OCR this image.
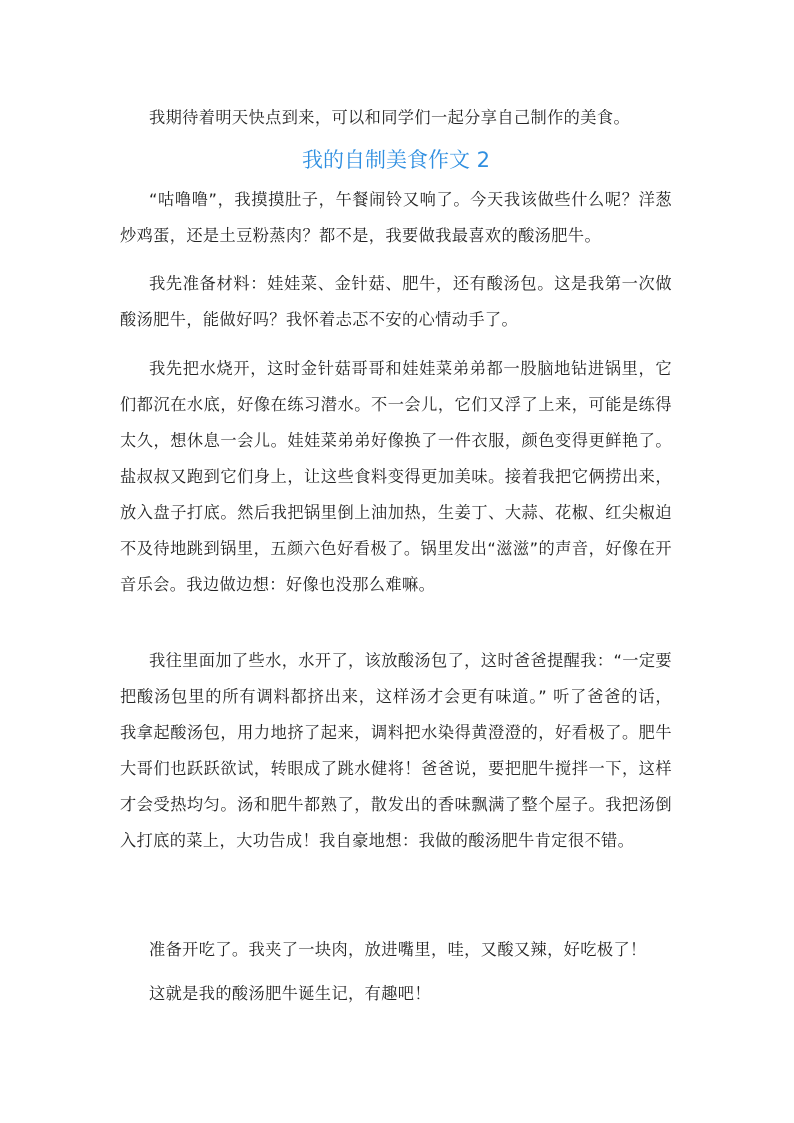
我期待着明天快点到来，可以和同学们一起分享自己制作的美食。

我的自制美食作文 2

“咕噜噜”，我摸摸肚子，午餐闹铃又响了。今天我该做些什么呢？洋葱炒鸡蛋，还是土豆粉蒸肉？都不是，我要做我最喜欢的酸汤肥牛。

我先准备材料：娃娃菜、金针菇、肥牛，还有酸汤包。这是我第一次做酸汤肥牛，能做好吗？我怀着忐忑不安的心情动手了。

我先把水烧开，这时金针菇哥哥和娃娃菜弟弟都一股脑地钻进锅里，它们都沉在水底，好像在练习潜水。不一会儿，它们又浮了上来，可能是练得太久，想休息一会儿。娃娃菜弟弟好像换了一件衣服，颜色变得更鲜艳了。盐叔叔又跑到它们身上，让这些食料变得更加美味。接着我把它俩捞出来，放入盘子打底。然后我把锅里倒上油加热，生姜丁、大蒜、花椒、红尖椒迫不及待地跳到锅里，五颜六色好看极了。锅里发出“滋滋”的声音，好像在开音乐会。我边做边想：好像也没那么难嘛。

我往里面加了些水，水开了，该放酸汤包了，这时爸爸提醒我：“一定要把酸汤包里的所有调料都挤出来，这样汤才会更有味道。” 听了爸爸的话，我拿起酸汤包，用力地挤了起来，调料把水染得黄澄澄的，好看极了。肥牛大哥们也跃跃欲试，转眼成了跳水健将！爸爸说，要把肥牛搅拌一下，这样才会受热均匀。汤和肥牛都熟了，散发出的香味飘满了整个屋子。我把汤倒入打底的菜上，大功告成！我自豪地想：我做的酸汤肥牛肯定很不错。

准备开吃了。我夹了一块肉，放进嘴里，哇，又酸又辣，好吃极了！

这就是我的酸汤肥牛诞生记，有趣吧！
